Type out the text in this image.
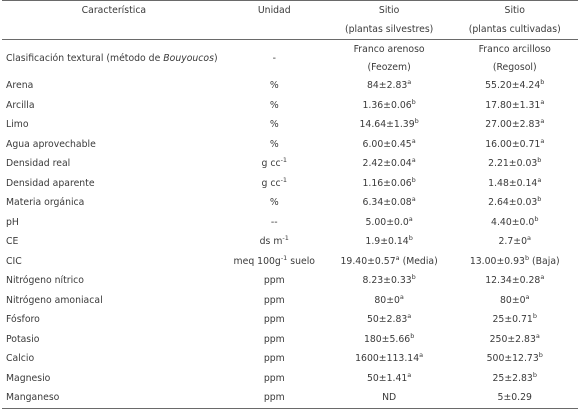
Característica	Unidad	Sitio	Sitio
		(plantas silvestres)	(plantas cultivadas)
Clasificación textural (método de Bouyoucos)	-	Franco arenoso	Franco arcilloso
		(Feozem)	(Regosol)
Arena	%	84±2.83$^a$	55.20±4.24$^b$
Arcilla	%	1.36±0.06$^b$	17.80±1.31$^a$
Limo	%	14.64±1.39$^b$	27.00±2.83$^a$
Agua aprovechable	%	6.00±0.45$^a$	16.00±0.71$^a$
Densidad real	g $cc^{-1}$	2.42±0.04$^a$	2.21±0.03$^b$
Densidad aparente	g $cc^{-1}$	1.16±0.06$^b$	1.48±0.14$^a$
Materia orgánica	%	6.34±0.08$^a$	2.64±0.03$^b$
pH	--	5.00±0.0$^a$	4.40±0.0$^b$
CE	ds $m^{-1}$	1.9±0.14$^b$	$2.7\pm 0^a$
CIC	meq $100g^{-1}$ suelo	19.40±0.57$^a$ (Media)	13.00±0.93$^b$ (Baja)
Nitrógeno nítrico	ppm	8.23±0.33$^b$	12.34±0.28$^a$
Nitrógeno amoniacal	ppm	$80\pm 0^a$	$80\pm 0^a$
Fósforo	ppm	50±2.83$^a$	25±0.71$^b$
Potasio	ppm	180±5.66$^b$	250±2.83$^a$
Calcio	ppm	1600±113.14$^a$	500±12.73$^b$
Magnesio	ppm	50±1.41$^a$	25±2.83$^b$
Manganeso	ppm	ND	5±0.29
